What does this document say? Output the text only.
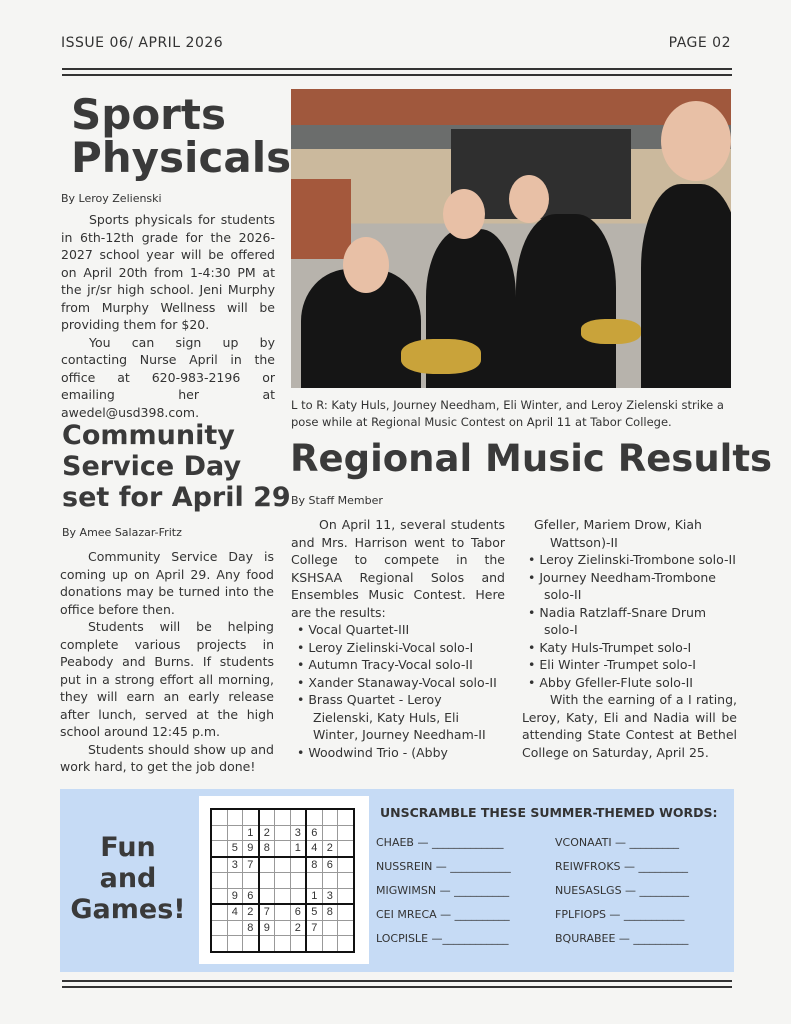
ISSUE 06/ APRIL 2026	PAGE 02
Sports
Physicals
By Leroy Zelienski

Sports physicals for students in 6th-12th grade for the 2026-2027 school year will be offered on April 20th from 1-4:30 PM at the jr/sr high school. Jeni Murphy from Murphy Wellness will be providing them for $20.

You can sign up by contacting Nurse April in the office at 620-983-2196 or emailing her at awedel@usd398.com.

Community
Service Day
set for April 29
By Amee Salazar-Fritz

Community Service Day is coming up on April 29. Any food donations may be turned into the office before then.

Students will be helping complete various projects in Peabody and Burns. If students put in a strong effort all morning, they will earn an early release after lunch, served at the high school around 12:45 p.m.

Students should show up and work hard, to get the job done!

L to R: Katy Huls, Journey Needham, Eli Winter, and Leroy Zielenski strike a pose while at Regional Music Contest on April 11 at Tabor College.
Regional Music Results
By Staff Member

On April 11, several students and Mrs. Harrison went to Tabor College to compete in the KSHSAA Regional Solos and Ensembles Music Contest. Here are the results:

• Vocal Quartet-III
• Leroy Zielinski-Vocal solo-I
• Autumn Tracy-Vocal solo-II
• Xander Stanaway-Vocal solo-II
• Brass Quartet - Leroy Zielenski, Katy Huls, Eli Winter, Journey Needham-II
• Woodwind Trio - (Abby
Gfeller, Mariem Drow, Kiah Wattson)-II
• Leroy Zielinski-Trombone solo-II
• Journey Needham-Trombone solo-II
• Nadia Ratzlaff-Snare Drum solo-I
• Katy Huls-Trumpet solo-I
• Eli Winter -Trumpet solo-I
• Abby Gfeller-Flute solo-II

With the earning of a I rating, Leroy, Katy, Eli and Nadia will be attending State Contest at Bethel College on Saturday, April 25.

Fun
and
Games!

		1	2		3	6		
	5	9	8		1	4	2	
	3	7				8	6	

	9	6				1	3	
	4	2	7		6	5	8	
		8	9		2	7		

UNSCRAMBLE THESE SUMMER-THEMED WORDS:
CHAEB — _____________
NUSSREIN — ___________
MIGWIMSN — __________
CEI MRECA — __________
LOCPISLE —____________
VCONAATI — _________
REIWFROKS — _________
NUESASLGS — _________
FPLFIOPS — ___________
BQURABEE — __________
